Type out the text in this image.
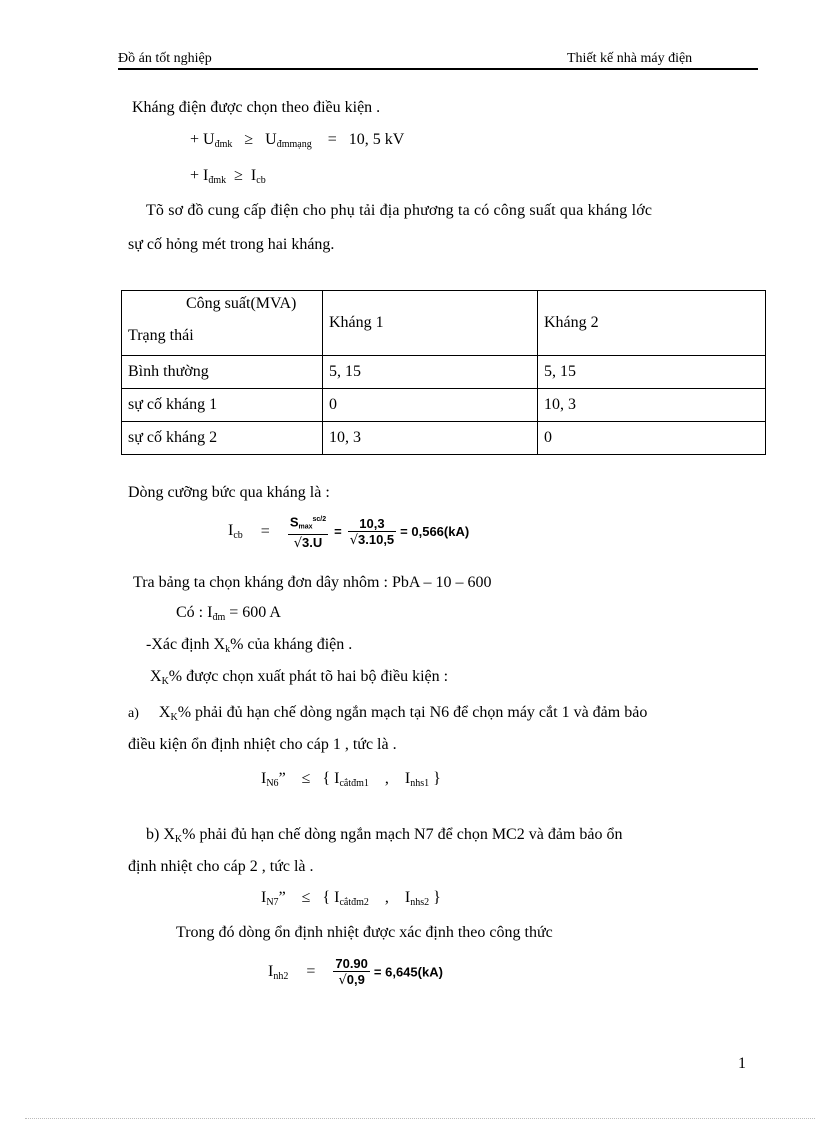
Đồ án tốt nghiệp	Thiết kế nhà máy điện
Kháng điện được chọn theo điều kiện .
+ $U_{đmk} \ge U_{đmmạng} = 10$, 5 kV
+ $I_{đmk} \ge I_{cb}$
Tõ sơ đồ cung cấp điện cho phụ tải địa phương ta có công suất qua kháng lớc
sự cố hỏng mét trong hai kháng.
Công suất(MVA)
Trạng thái	Kháng 1	Kháng 2
Bình thường	5, 15	5, 15
sự cố kháng 1	0	10, 3
sự cố kháng 2	10, 3	0
Dòng cưỡng bức qua kháng là :
$I_{cb} = \frac{S_{max}^{sc/2}}{√3.U} = \frac{10,3}{√3.10,5} = 0,566(kA)$
Tra bảng ta chọn kháng đơn dây nhôm : PbA – 10 – 600
Có : $I_{đm} = 600$ A
-Xác định $X_k\%$ của kháng điện .
$X_K\%$ được chọn xuất phát tõ hai bộ điều kiện :
a) $X_K\%$ phải đủ hạn chế dòng ngắn mạch tại N6 để chọn máy cắt 1 và đảm bảo
điều kiện ổn định nhiệt cho cáp 1 , tức là .
$I_{N6}$” ≤ { $I_{cắtđm1}$ , $I_{nhs1}$ }
b) $X_K\%$ phải đủ hạn chế dòng ngắn mạch N7 để chọn MC2 và đảm bảo ổn
định nhiệt cho cáp 2 , tức là .
$I_{N7}$” ≤ { $I_{cắtđm2}$ , $I_{nhs2}$ }
Trong đó dòng ổn định nhiệt được xác định theo công thức
$I_{nh2} = \frac{70.90}{√0,9} = 6,645(kA)$
1
